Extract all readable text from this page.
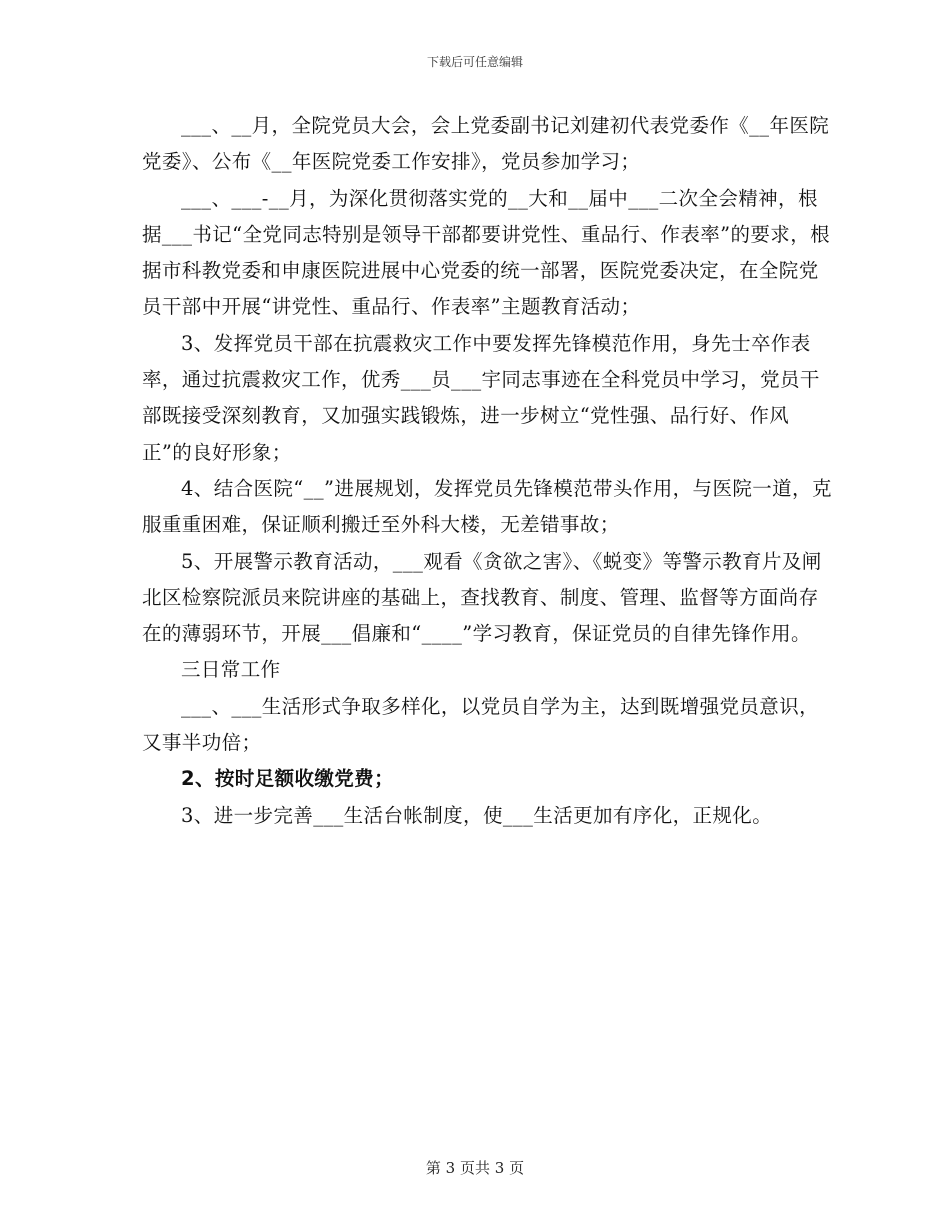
下载后可任意编辑

___、__月，全院党员大会，会上党委副书记刘建初代表党委作《__年医院党委》、公布《__年医院党委工作安排》，党员参加学习；

___、___-__月，为深化贯彻落实党的__大和__届中___二次全会精神，根据___书记“全党同志特别是领导干部都要讲党性、重品行、作表率”的要求，根据市科教党委和申康医院进展中心党委的统一部署，医院党委决定，在全院党员干部中开展“讲党性、重品行、作表率”主题教育活动；

3、发挥党员干部在抗震救灾工作中要发挥先锋模范作用，身先士卒作表率，通过抗震救灾工作，优秀___员___宇同志事迹在全科党员中学习，党员干部既接受深刻教育，又加强实践锻炼，进一步树立“党性强、品行好、作风正”的良好形象；

4、结合医院“__”进展规划，发挥党员先锋模范带头作用，与医院一道，克服重重困难，保证顺利搬迁至外科大楼，无差错事故；

5、开展警示教育活动，___观看《贪欲之害》、《蜕变》等警示教育片及闸北区检察院派员来院讲座的基础上，查找教育、制度、管理、监督等方面尚存在的薄弱环节，开展___倡廉和“____”学习教育，保证党员的自律先锋作用。

三日常工作

___、___生活形式争取多样化，以党员自学为主，达到既增强党员意识，又事半功倍；

2、按时足额收缴党费；

3、进一步完善___生活台帐制度，使___生活更加有序化，正规化。

第 3 页共 3 页
